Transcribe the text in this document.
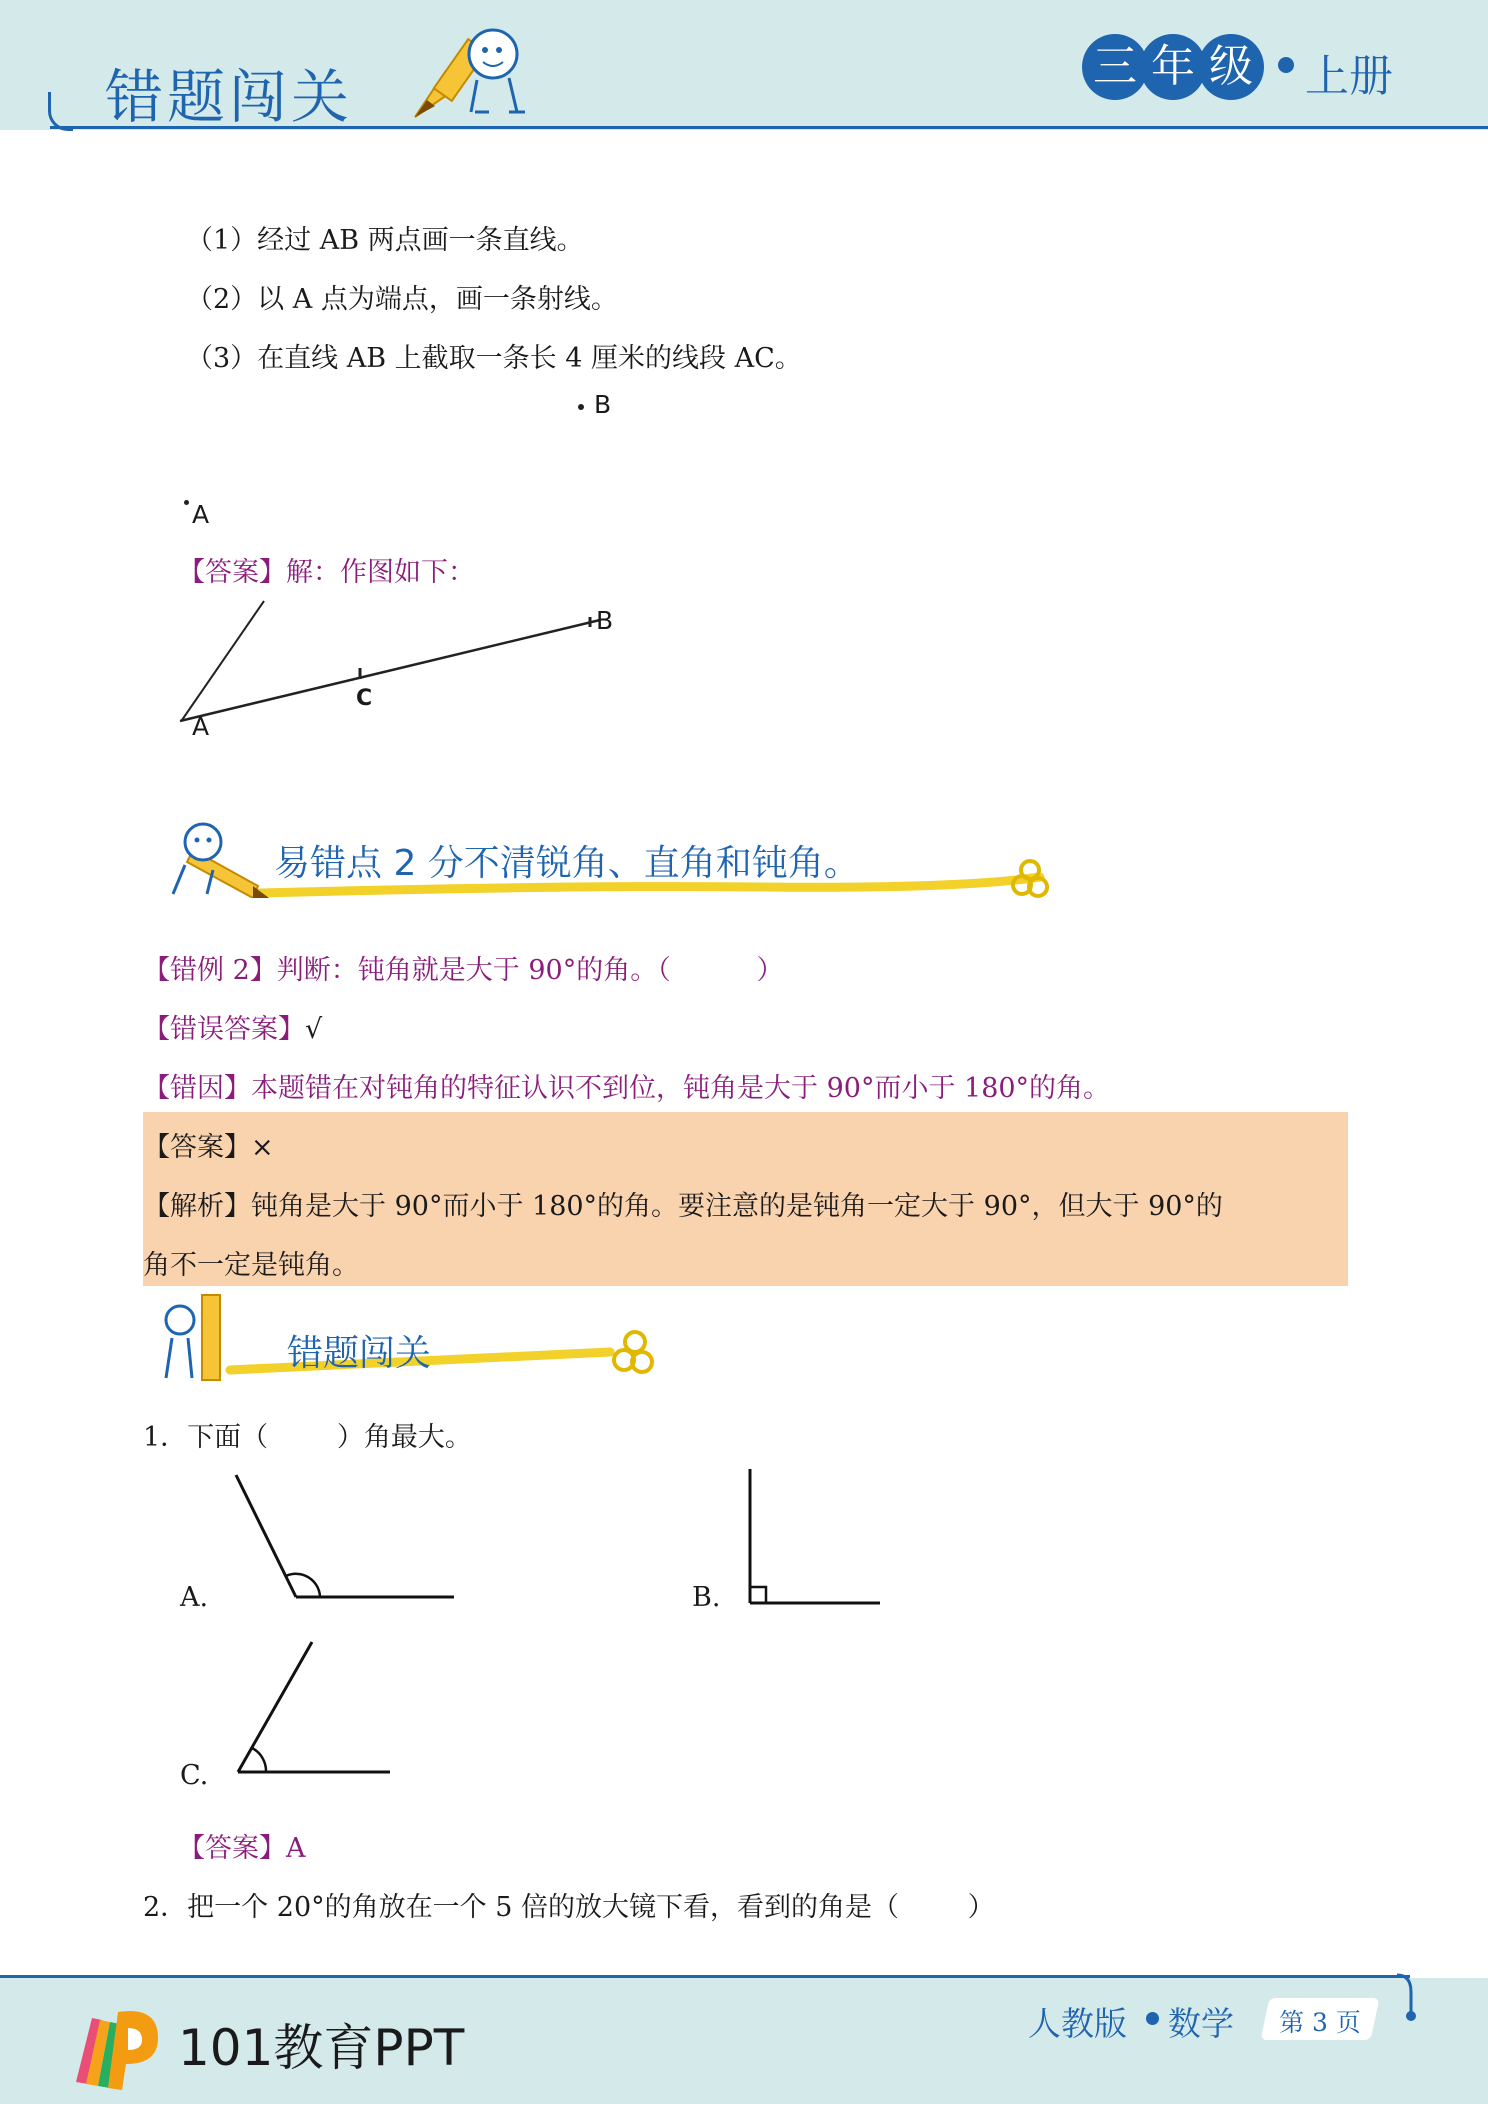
错题闯关	三 年 级 上册
（1）经过 AB 两点画一条直线。
（2）以 A 点为端点，画一条射线。
（3）在直线 AB 上截取一条长 4 厘米的线段 AC。
B
A
【答案】解：作图如下：
A
B
C
易错点 2 分不清锐角、直角和钝角。
【错例 2】判断：钝角就是大于 90°的角。（          ）
【错误答案】√
【错因】本题错在对钝角的特征认识不到位，钝角是大于 90°而小于 180°的角。
【答案】×
【解析】钝角是大于 90°而小于 180°的角。要注意的是钝角一定大于 90°，但大于 90°的
角不一定是钝角。
错题闯关
1．下面（        ）角最大。
A.	B.
C.
【答案】A
2．把一个 20°的角放在一个 5 倍的放大镜下看，看到的角是（        ）
101教育PPT	人教版 数学	第 3 页
